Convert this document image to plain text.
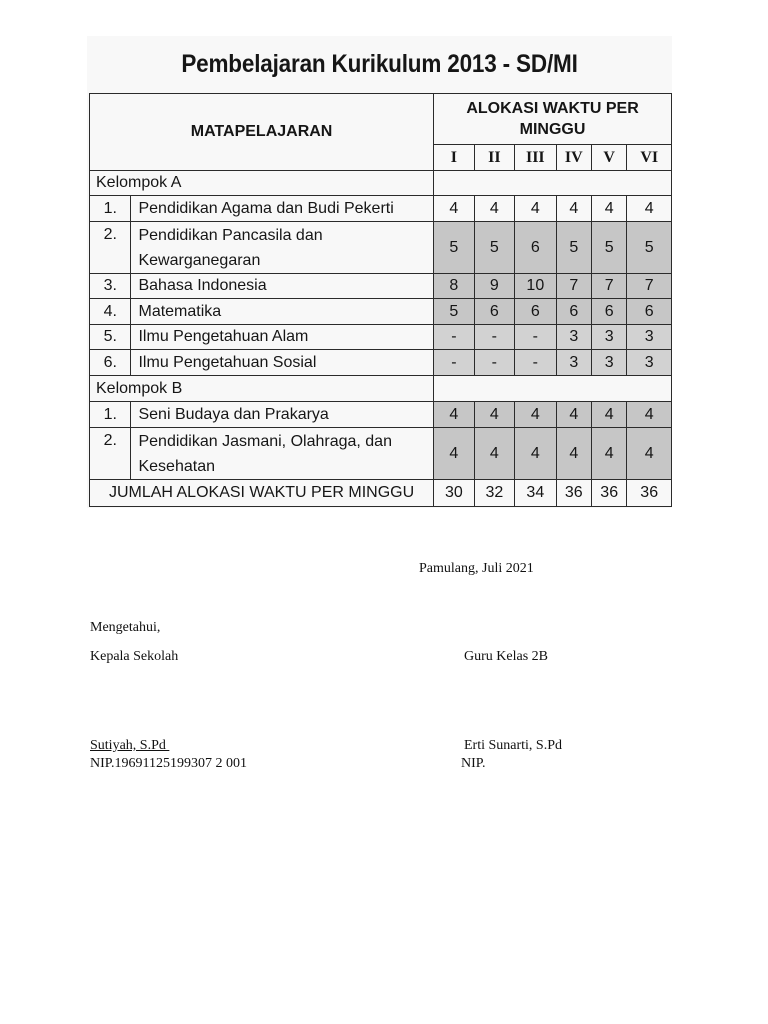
Pembelajaran Kurikulum 2013 - SD/MI
MATAPELAJARAN		ALOKASI WAKTU PER MINGGU					
		I	II	III	IV	V	VI
Kelompok A							
1.	Pendidikan Agama dan Budi Pekerti	4	4	4	4	4	4
2.	Pendidikan Pancasila dan Kewarganegaran	5	5	6	5	5	5
3.	Bahasa Indonesia	8	9	10	7	7	7
4.	Matematika	5	6	6	6	6	6
5.	Ilmu Pengetahuan Alam	-	-	-	3	3	3
6.	Ilmu Pengetahuan Sosial	-	-	-	3	3	3
Kelompok B							
1.	Seni Budaya dan Prakarya	4	4	4	4	4	4
2.	Pendidikan Jasmani, Olahraga, dan Kesehatan	4	4	4	4	4	4
JUMLAH ALOKASI WAKTU PER MINGGU		30	32	34	36	36	36
Pamulang, Juli 2021
Mengetahui,
Kepala Sekolah	Guru Kelas 2B
Sutiyah, S.Pd	Erti Sunarti, S.Pd
NIP.19691125199307 2 001	NIP.
